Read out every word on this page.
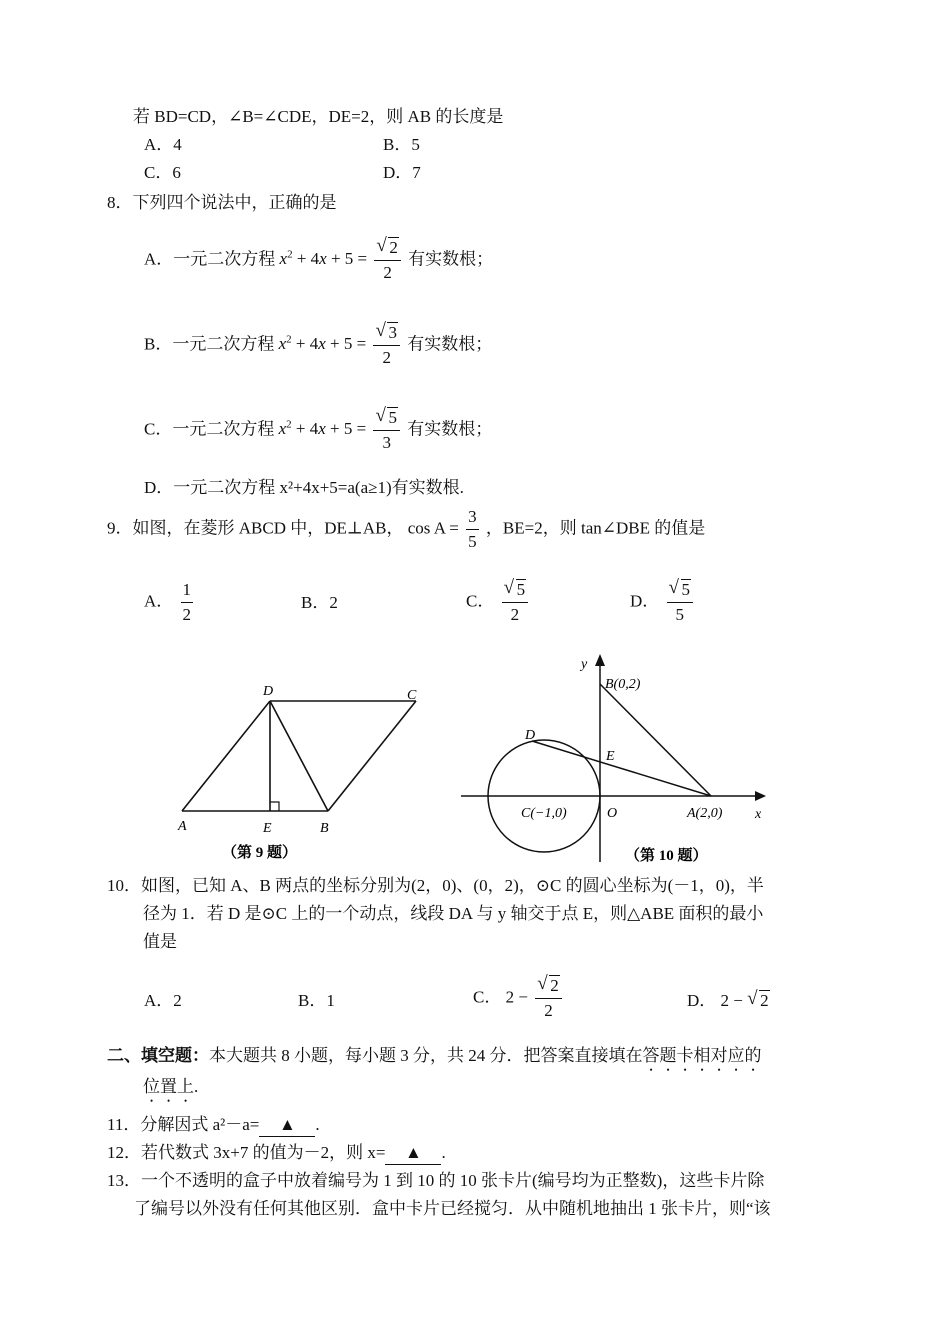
若 BD=CD，∠B=∠CDE，DE=2，则 AB 的长度是
A．4	B．5
C．6	D．7
8．下列四个说法中，正确的是
A．一元二次方程 $x^2 + 4x + 5$ = √ $\frac{2}{2}$ 有实数根；
B．一元二次方程 $x^2 + 4x + 5$ = √ $\frac{3}{2}$ 有实数根；
C．一元二次方程 $x^2 + 4x + 5$ = √ $\frac{5}{3}$ 有实数根；
D．一元二次方程 x²+4x+5=a(a≥1)有实数根.
9．如图，在菱形 ABCD 中，DE⊥AB， $\cos A = \frac{3}{5}$ ，BE=2，则 tan∠DBE 的值是
A． $\frac{1}{2}$	B．2	C． √ $\frac{5}{2}$	D． √ $\frac{5}{5}$
A	E	B
D	C
（第 9 题）
y
x
B(0,2)
D
E
C(−1,0)	O	A(2,0)
（第 10 题）
10．如图，已知 A、B 两点的坐标分别为(2，0)、(0，2)，⊙C 的圆心坐标为(－1，0)，半
径为 1．若 D 是⊙C 上的一个动点，线段 DA 与 y 轴交于点 E，则△ABE 面积的最小
值是
A．2	B．1	C． 2 − √ $\frac{2}{2}$	D． 2 − √ 2
二、填空题：本大题共 8 小题，每小题 3 分，共 24 分．把答案直接填在答题卡相对应的
位置上.
11．分解因式 a²－a= ▲ .
12．若代数式 3x+7 的值为－2，则 x= ▲ .
13．一个不透明的盒子中放着编号为 1 到 10 的 10 张卡片(编号均为正整数)，这些卡片除
了编号以外没有任何其他区别．盒中卡片已经搅匀．从中随机地抽出 1 张卡片，则“该
